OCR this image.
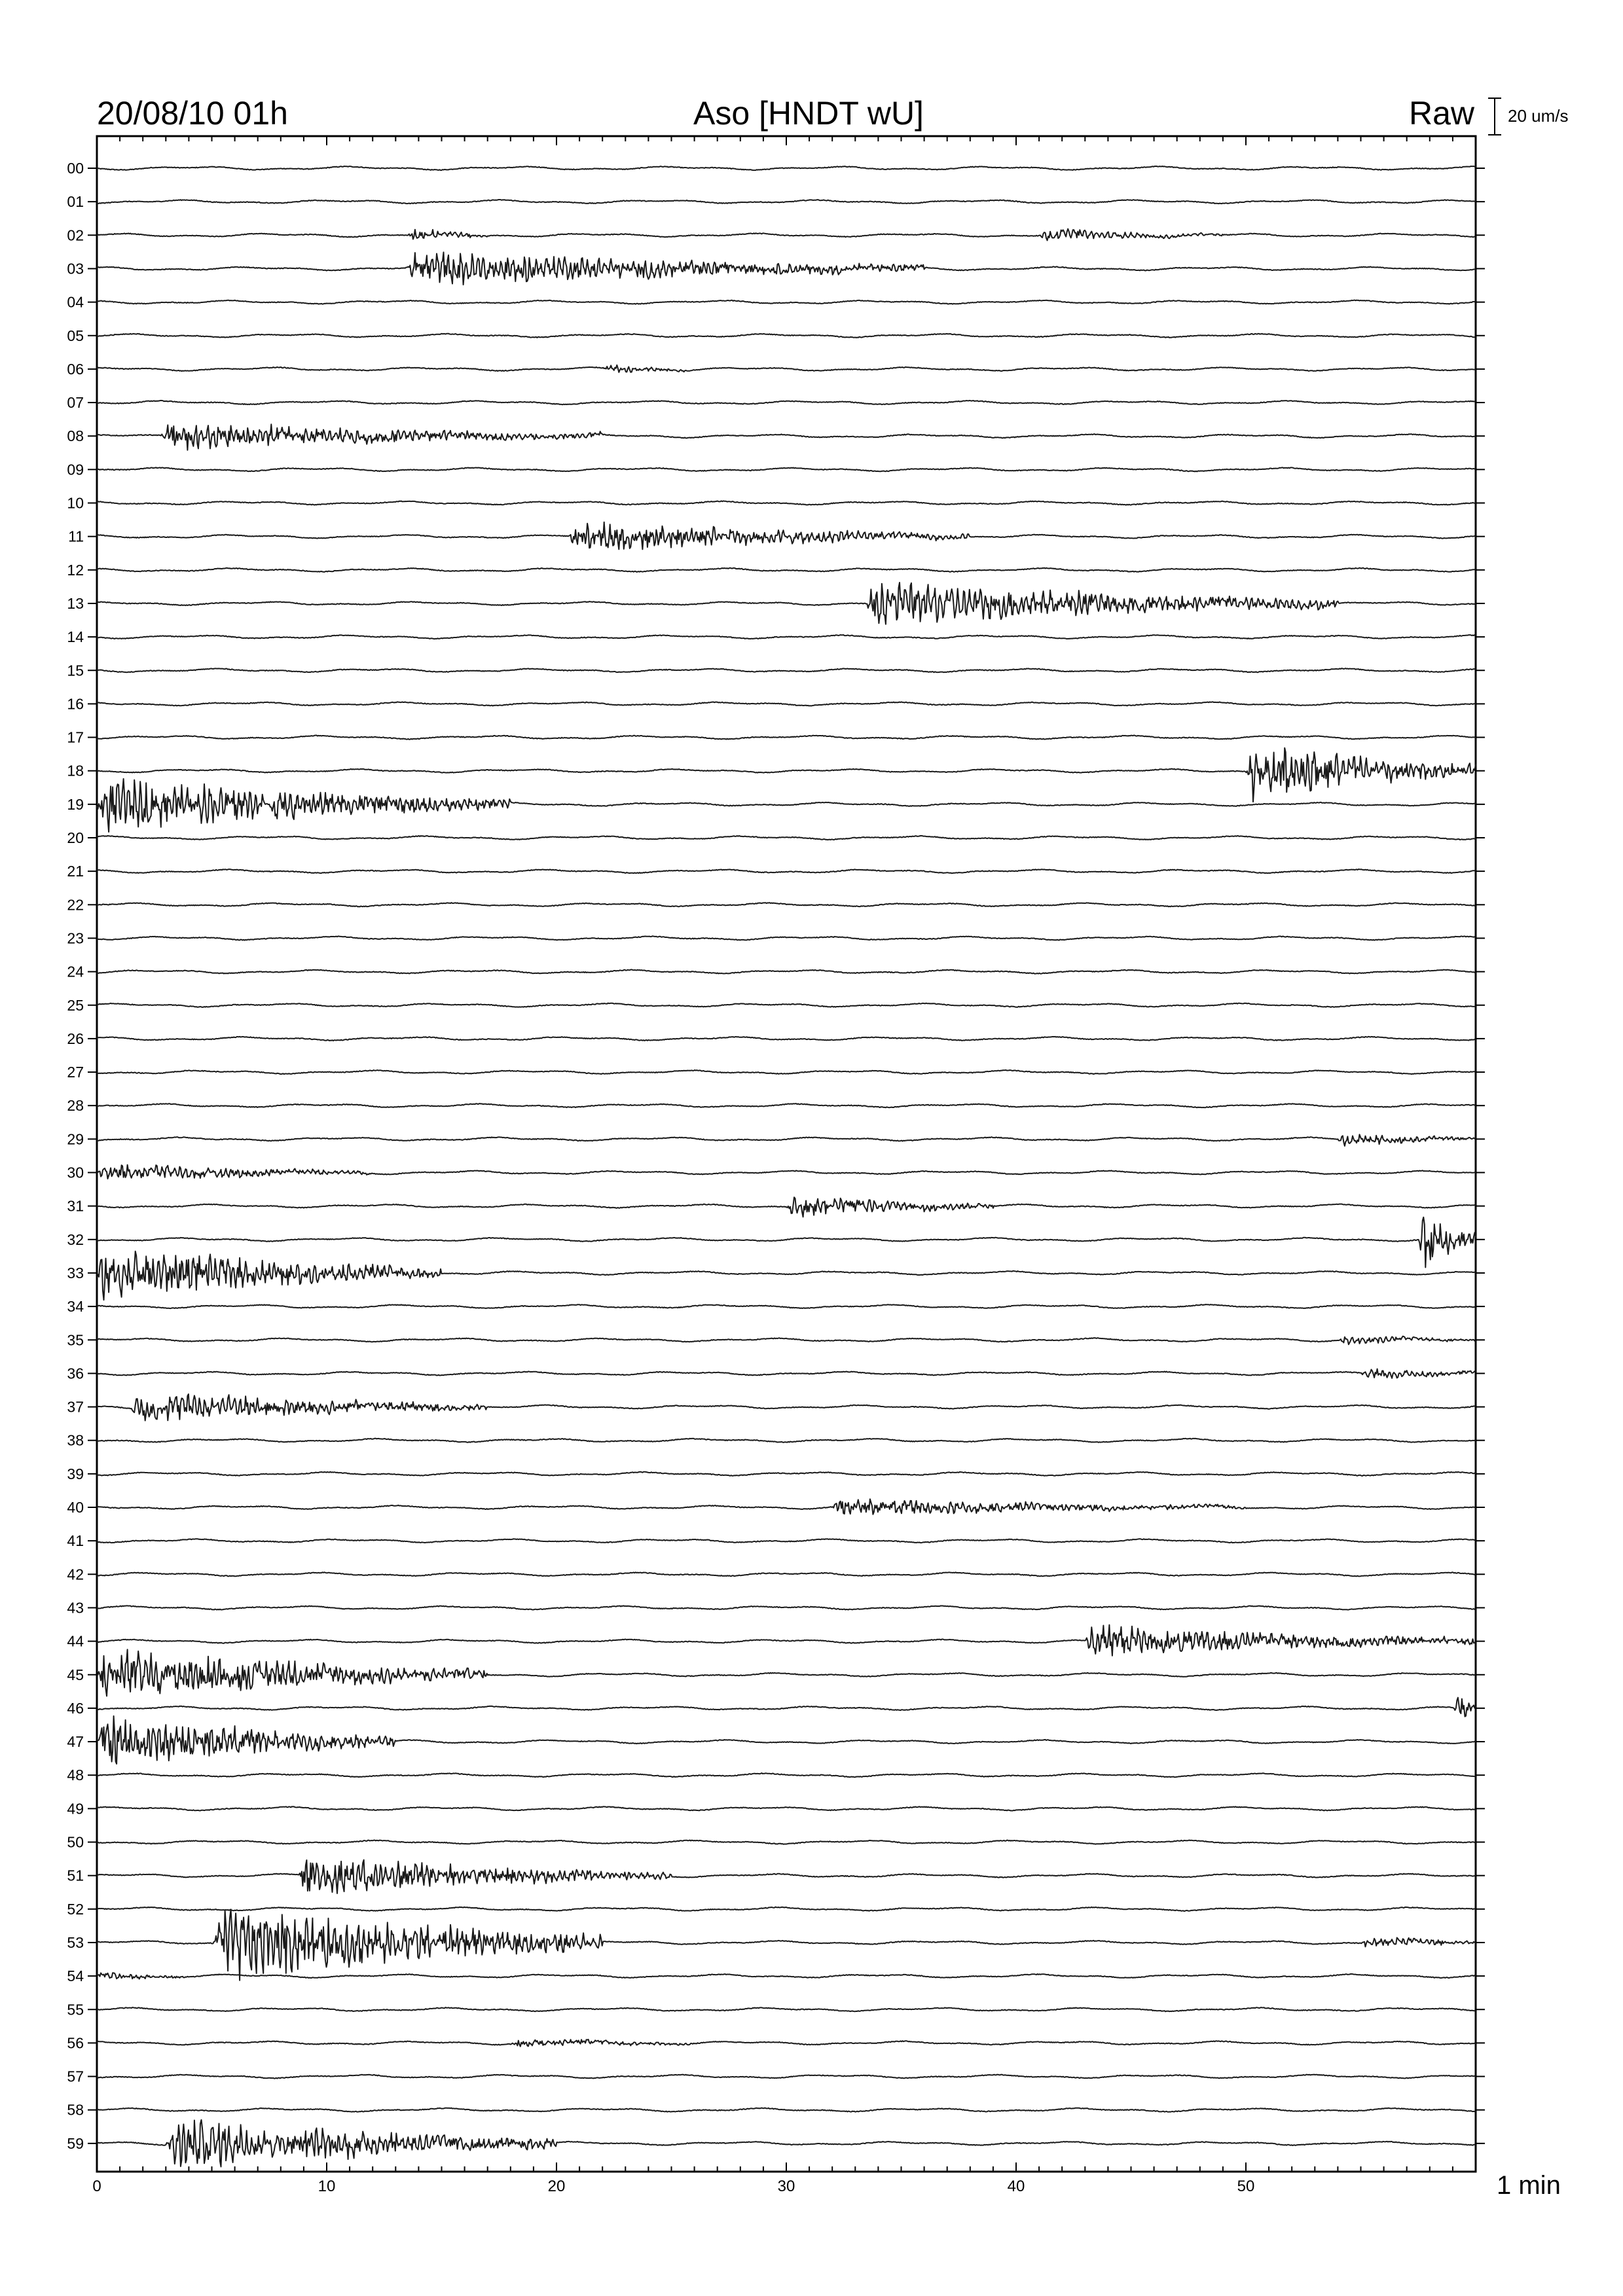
20/08/10 01h	Aso [HNDT wU]	Raw 20 um/s
00
01
02
03
04
05
06
07
08
09
10
11
12
13
14
15
16
17
18
19
20
21
22
23
24
25
26
27
28
29
30
31
32
33
34
35
36
37
38
39
40
41
42
43
44
45
46
47
48
49
50
51
52
53
54
55
56
57
58
59
0	10	20	30	40	50	1 min
